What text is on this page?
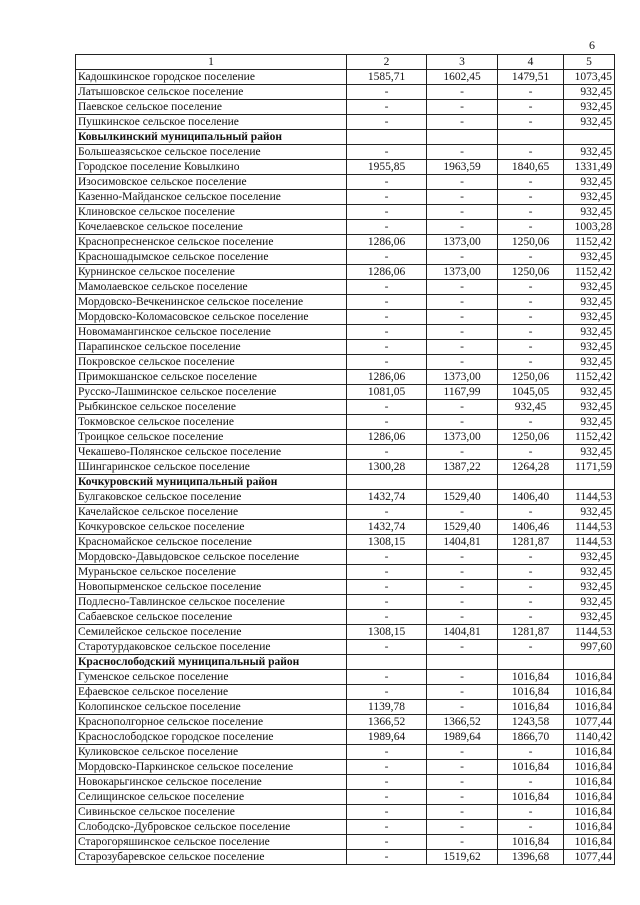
6
1	2	3	4	5
Кадошкинское городское поселение	1585,71	1602,45	1479,51	1073,45
Латышовское сельское поселение	-	-	-	932,45
Паевское сельское поселение	-	-	-	932,45
Пушкинское сельское поселение	-	-	-	932,45
Ковылкинский муниципальный район				
Большеазясьское сельское поселение	-	-	-	932,45
Городское поселение Ковылкино	1955,85	1963,59	1840,65	1331,49
Изосимовское сельское поселение	-	-	-	932,45
Казенно-Майданское сельское поселение	-	-	-	932,45
Клиновское сельское поселение	-	-	-	932,45
Кочелаевское сельское поселение	-	-	-	1003,28
Краснопресненское сельское поселение	1286,06	1373,00	1250,06	1152,42
Красношадымское сельское поселение	-	-	-	932,45
Курнинское сельское поселение	1286,06	1373,00	1250,06	1152,42
Мамолаевское сельское поселение	-	-	-	932,45
Мордовско-Вечкенинское сельское поселение	-	-	-	932,45
Мордовско-Коломасовское сельское поселение	-	-	-	932,45
Новомамангинское сельское поселение	-	-	-	932,45
Парапинское сельское поселение	-	-	-	932,45
Покровское сельское поселение	-	-	-	932,45
Примокшанское сельское поселение	1286,06	1373,00	1250,06	1152,42
Русско-Лашминское сельское поселение	1081,05	1167,99	1045,05	932,45
Рыбкинское сельское поселение	-	-	932,45	932,45
Токмовское сельское поселение	-	-	-	932,45
Троицкое сельское поселение	1286,06	1373,00	1250,06	1152,42
Чекашево-Полянское сельское поселение	-	-	-	932,45
Шингаринское сельское поселение	1300,28	1387,22	1264,28	1171,59
Кочкуровский муниципальный район				
Булгаковское сельское поселение	1432,74	1529,40	1406,40	1144,53
Качелайское сельское поселение	-	-	-	932,45
Кочкуровское сельское поселение	1432,74	1529,40	1406,46	1144,53
Красномайское сельское поселение	1308,15	1404,81	1281,87	1144,53
Мордовско-Давыдовское сельское поселение	-	-	-	932,45
Мураньское сельское поселение	-	-	-	932,45
Новопырменское сельское поселение	-	-	-	932,45
Подлесно-Тавлинское сельское поселение	-	-	-	932,45
Сабаевское сельское поселение	-	-	-	932,45
Семилейское сельское поселение	1308,15	1404,81	1281,87	1144,53
Старотурдаковское сельское поселение	-	-	-	997,60
Краснослободский муниципальный район				
Гуменское сельское поселение	-	-	1016,84	1016,84
Ефаевское сельское поселение	-	-	1016,84	1016,84
Колопинское сельское поселение	1139,78	-	1016,84	1016,84
Краснополгорное сельское поселение	1366,52	1366,52	1243,58	1077,44
Краснослободское городское поселение	1989,64	1989,64	1866,70	1140,42
Куликовское сельское поселение	-	-	-	1016,84
Мордовско-Паркинское сельское поселение	-	-	1016,84	1016,84
Новокарьгинское сельское поселение	-	-	-	1016,84
Селищинское сельское поселение	-	-	1016,84	1016,84
Сивиньское сельское поселение	-	-	-	1016,84
Слободско-Дубровское сельское поселение	-	-	-	1016,84
Старогоряшинское сельское поселение	-	-	1016,84	1016,84
Старозубаревское сельское поселение	-	1519,62	1396,68	1077,44
